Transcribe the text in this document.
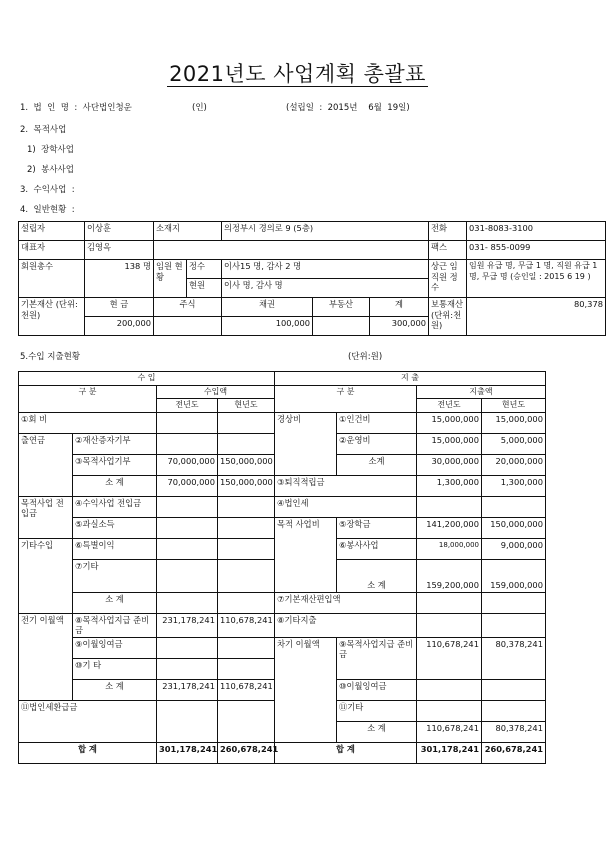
2021년도 사업계획 총괄표
1.  법  인  명  :  사단법인청운	(인)	(설립일  :  2015년    6월  19일)
2.  목적사업
1)  장학사업
2)  봉사사업
3.  수익사업  :
4.  일반현황  :
설립자	이상훈	소재지		의정부시 경의로 9 (5층)			전화	031-8083-3100
대표자	김영옥						팩스	031- 855-0099
회원총수	138 명	임원 현황	정수	이사15 명, 감사 2 명			상근 임 직원 정 수	임원 유급 명, 무급 1 명, 직원 유급 1명, 무급 명 (승인일 : 2015 6 19 )
			현원	이사 명, 감사 명				
기본재산 (단위:천원)	현 금	주식		채권	부동산	계	보통재산 (단위:천원)	80,378
	200,000			100,000		300,000		
5.수입 지출현황	(단위:원)
수 입				지 출			
구 분		수입액		구 분		지출액	
		전년도	현년도			전년도	현년도
①회 비				경상비	①인건비	15,000,000	15,000,000
출연금	②재산증자기부				②운영비	15,000,000	5,000,000
	③목적사업기부	70,000,000	150,000,000		소계	30,000,000	20,000,000
	소 계	70,000,000	150,000,000	③퇴직적립금		1,300,000	1,300,000
목적사업 전입금	④수익사업 전입금			④법인세			
	⑤과실소득			목적 사업비	⑤장학금	141,200,000	150,000,000
기타수입	⑥특별이익				⑥봉사사업	18,000,000	9,000,000
	⑦기타				소 계	159,200,000	159,000,000
	소 계			⑦기본재산편입액			
전기 이월액	⑧목적사업지급 준비금	231,178,241	110,678,241	⑧기타지출			
	⑨이월잉여금			차기 이월액	⑨목적사업지급 준비금	110,678,241	80,378,241
	⑩기 타						
	소 계	231,178,241	110,678,241		⑩이월잉여금		
⑪법인세환급금					⑪기타		
					소 계	110,678,241	80,378,241
합 계		301,178,241	260,678,241	합 계		301,178,241	260,678,241
